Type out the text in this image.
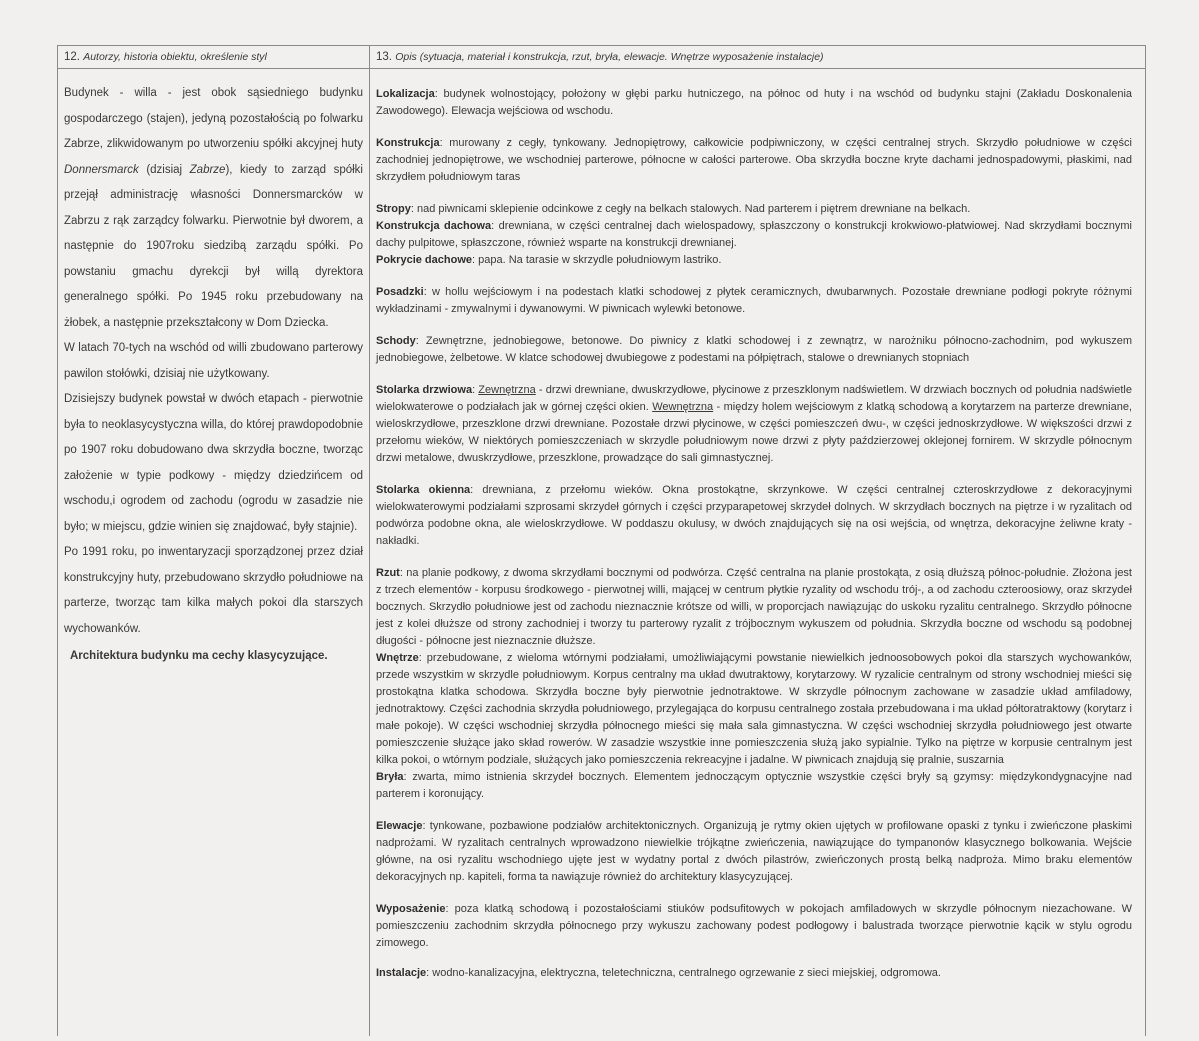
12. Autorzy, historia obiektu, określenie styl

Budynek - willa - jest obok sąsiedniego budynku gospodarczego (stajen), jedyną pozostałością po folwarku Zabrze, zlikwidowanym po utworzeniu spółki akcyjnej huty Donnersmarck (dzisiaj Zabrze), kiedy to zarząd spółki przejął administrację własności Donnersmarcków w Zabrzu z rąk zarządcy folwarku. Pierwotnie był dworem, a następnie do 1907roku siedzibą zarządu spółki. Po powstaniu gmachu dyrekcji był willą dyrektora generalnego spółki. Po 1945 roku przebudowany na żłobek, a następnie przekształcony w Dom Dziecka.

W latach 70-tych na wschód od willi zbudowano parterowy pawilon stołówki, dzisiaj nie użytkowany.

Dzisiejszy budynek powstał w dwóch etapach - pierwotnie była to neoklasycystyczna willa, do której prawdopodobnie po 1907 roku dobudowano dwa skrzydła boczne, tworząc założenie w typie podkowy - między dziedzińcem od wschodu,i ogrodem od zachodu (ogrodu w zasadzie nie było; w miejscu, gdzie winien się znajdować, były stajnie).

Po 1991 roku, po inwentaryzacji sporządzonej przez dział konstrukcyjny huty, przebudowano skrzydło południowe na parterze, tworząc tam kilka małych pokoi dla starszych wychowanków.

Architektura budynku ma cechy klasycyzujące.

13. Opis (sytuacja, materiał i konstrukcja, rzut, bryła, elewacje. Wnętrze wyposażenie instalacje)

Lokalizacja: budynek wolnostojący, położony w głębi parku hutniczego, na północ od huty i na wschód od budynku stajni (Zakładu Doskonalenia Zawodowego). Elewacja wejściowa od wschodu.

Konstrukcja: murowany z cegły, tynkowany. Jednopiętrowy, całkowicie podpiwniczony, w części centralnej strych. Skrzydło południowe w części zachodniej jednopiętrowe, we wschodniej parterowe, północne w całości parterowe. Oba skrzydła boczne kryte dachami jednospadowymi, płaskimi, nad skrzydłem południowym taras

Stropy: nad piwnicami sklepienie odcinkowe z cegły na belkach stalowych. Nad parterem i piętrem drewniane na belkach.

Konstrukcja dachowa: drewniana, w części centralnej dach wielospadowy, spłaszczony o konstrukcji krokwiowo-płatwiowej. Nad skrzydłami bocznymi dachy pulpitowe, spłaszczone, również wsparte na konstrukcji drewnianej.

Pokrycie dachowe: papa. Na tarasie w skrzydle południowym lastriko.

Posadzki: w hollu wejściowym i na podestach klatki schodowej z płytek ceramicznych, dwubarwnych. Pozostałe drewniane podłogi pokryte różnymi wykładzinami - zmywalnymi i dywanowymi. W piwnicach wylewki betonowe.

Schody: Zewnętrzne, jednobiegowe, betonowe. Do piwnicy z klatki schodowej i z zewnątrz, w narożniku północno-zachodnim, pod wykuszem jednobiegowe, żelbetowe. W klatce schodowej dwubiegowe z podestami na półpiętrach, stalowe o drewnianych stopniach

Stolarka drzwiowa: Zewnętrzna - drzwi drewniane, dwuskrzydłowe, płycinowe z przeszklonym nadświetlem. W drzwiach bocznych od południa nadświetle wielokwaterowe o podziałach jak w górnej części okien. Wewnętrzna - między holem wejściowym z klatką schodową a korytarzem na parterze drewniane, wieloskrzydłowe, przeszklone drzwi drewniane. Pozostałe drzwi płycinowe, w części pomieszczeń dwu-, w części jednoskrzydłowe. W większości drzwi z przełomu wieków, W niektórych pomieszczeniach w skrzydle południowym nowe drzwi z płyty paździerzowej oklejonej fornirem. W skrzydle północnym drzwi metalowe, dwuskrzydłowe, przeszklone, prowadzące do sali gimnastycznej.

Stolarka okienna: drewniana, z przełomu wieków. Okna prostokątne, skrzynkowe. W części centralnej czteroskrzydłowe z dekoracyjnymi wielokwaterowymi podziałami szprosami skrzydeł górnych i części przyparapetowej skrzydeł dolnych. W skrzydłach bocznych na piętrze i w ryzalitach od podwórza podobne okna, ale wieloskrzydłowe. W poddaszu okulusy, w dwóch znajdujących się na osi wejścia, od wnętrza, dekoracyjne żeliwne kraty - nakładki.

Rzut: na planie podkowy, z dwoma skrzydłami bocznymi od podwórza. Część centralna na planie prostokąta, z osią dłuższą północ-południe. Złożona jest z trzech elementów - korpusu środkowego - pierwotnej willi, mającej w centrum płytkie ryzality od wschodu trój-, a od zachodu czteroosiowy, oraz skrzydeł bocznych. Skrzydło południowe jest od zachodu nieznacznie krótsze od willi, w proporcjach nawiązując do uskoku ryzalitu centralnego. Skrzydło północne jest z kolei dłuższe od strony zachodniej i tworzy tu parterowy ryzalit z trójbocznym wykuszem od południa. Skrzydła boczne od wschodu są podobnej długości - północne jest nieznacznie dłuższe.

Wnętrze: przebudowane, z wieloma wtórnymi podziałami, umożliwiającymi powstanie niewielkich jednoosobowych pokoi dla starszych wychowanków, przede wszystkim w skrzydle południowym. Korpus centralny ma układ dwutraktowy, korytarzowy. W ryzalicie centralnym od strony wschodniej mieści się prostokątna klatka schodowa. Skrzydła boczne były pierwotnie jednotraktowe. W skrzydle północnym zachowane w zasadzie układ amfiladowy, jednotraktowy. Części zachodnia skrzydła południowego, przylegająca do korpusu centralnego została przebudowana i ma układ półtoratraktowy (korytarz i małe pokoje). W części wschodniej skrzydła północnego mieści się mała sala gimnastyczna. W części wschodniej skrzydła południowego jest otwarte pomieszczenie służące jako skład rowerów. W zasadzie wszystkie inne pomieszczenia służą jako sypialnie. Tylko na piętrze w korpusie centralnym jest kilka pokoi, o wtórnym podziale, służących jako pomieszczenia rekreacyjne i jadalne. W piwnicach znajdują się pralnie, suszarnia

Bryła: zwarta, mimo istnienia skrzydeł bocznych. Elementem jednoczącym optycznie wszystkie części bryły są gzymsy: międzykondygnacyjne nad parterem i koronujący.

Elewacje: tynkowane, pozbawione podziałów architektonicznych. Organizują je rytmy okien ujętych w profilowane opaski z tynku i zwieńczone płaskimi nadprożami. W ryzalitach centralnych wprowadzono niewielkie trójkątne zwieńczenia, nawiązujące do tympanonów klasycznego bolkowania. Wejście główne, na osi ryzalitu wschodniego ujęte jest w wydatny portal z dwóch pilastrów, zwieńczonych prostą belką nadproża. Mimo braku elementów dekoracyjnych np. kapiteli, forma ta nawiązuje również do architektury klasycyzującej.

Wyposażenie: poza klatką schodową i pozostałościami stiuków podsufitowych w pokojach amfiladowych w skrzydle północnym niezachowane. W pomieszczeniu zachodnim skrzydła północnego przy wykuszu zachowany podest podłogowy i balustrada tworzące pierwotnie kącik w stylu ogrodu zimowego.

Instalacje: wodno-kanalizacyjna, elektryczna, teletechniczna, centralnego ogrzewanie z sieci miejskiej, odgromowa.
